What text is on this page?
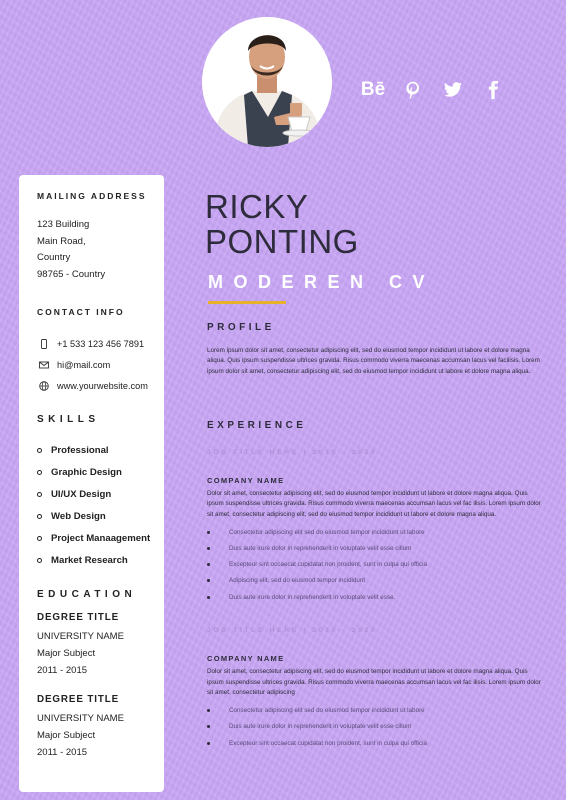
Bē
MAILING ADDRESS
123 Building
Main Road,
Country
98765 - Country
CONTACT INFO
+1 533 123 456 7891
hi@mail.com
www.yourwebsite.com
SKILLS
Professional
Graphic Design
UI/UX Design
Web Design
Project Manaagement
Market Research
EDUCATION
DEGREE TITLE
UNIVERSITY NAME
Major Subject
2011 - 2015
DEGREE TITLE
UNIVERSITY NAME
Major Subject
2011 - 2015
RICKY
PONTING
MODEREN CV
PROFILE

Lorem ipsum dolor sit amet, consectetur adipiscing elit, sed do eiusmod tempor incididunt ut labore et dolore magna aliqua. Quis ipsum suspendisse ultrices gravida. Risus commodo viverra maecenas accumsan lacus vel facilisis. Lorem ipsum dolor sit amet, consectetur adipiscing elit, sed do eiusmod tempor incididunt ut labore et dolore magna aliqua.

EXPERIENCE
JOB TITLE HERE | 2015 - 2020
COMPANY NAME

Dolor sit amet, consectetur adipiscing elit, sed do eiusmod tempor incididunt ut labore et dolore magna aliqua. Quis ipsum suspendisse ultrices gravida. Risus commodo viverra maecenas accumsan lacus vel fac ilisis. Lorem ipsum dolor sit amet, consectetur adipiscing elit, sed do eiusmod tempor incididunt ut labore et dolore magna aliqua.

Consectetur adipiscing elit sed do eiusmod tempor incididunt ut labore
Duis aute irure dolor in reprehenderit in voluptate velit esse cillum
Excepteur sint occaecat cupidatat non proident, sunt in culpa qui officia
Adipiscing elit, sed do eiusmod tempor incididunt
Duis aute irure dolor in reprehenderit in voluptate velit esse.
JOB TITLE HERE | 2015 - 2020
COMPANY NAME

Dolor sit amet, consectetur adipiscing elit, sed do eiusmod tempor incididunt ut labore et dolore magna aliqua. Quis ipsum suspendisse ultrices gravida. Risus commodo viverra maecenas accumsan lacus vel fac ilisis. Lorem ipsum dolor sit amet, consectetur adipiscing

Consectetur adipiscing elit sed do eiusmod tempor incididunt ut labore
Duis aute irure dolor in reprehenderit in voluptate velit esse cillum
Excepteur sint occaecat cupidatat non proident, sunt in culpa qui officia
